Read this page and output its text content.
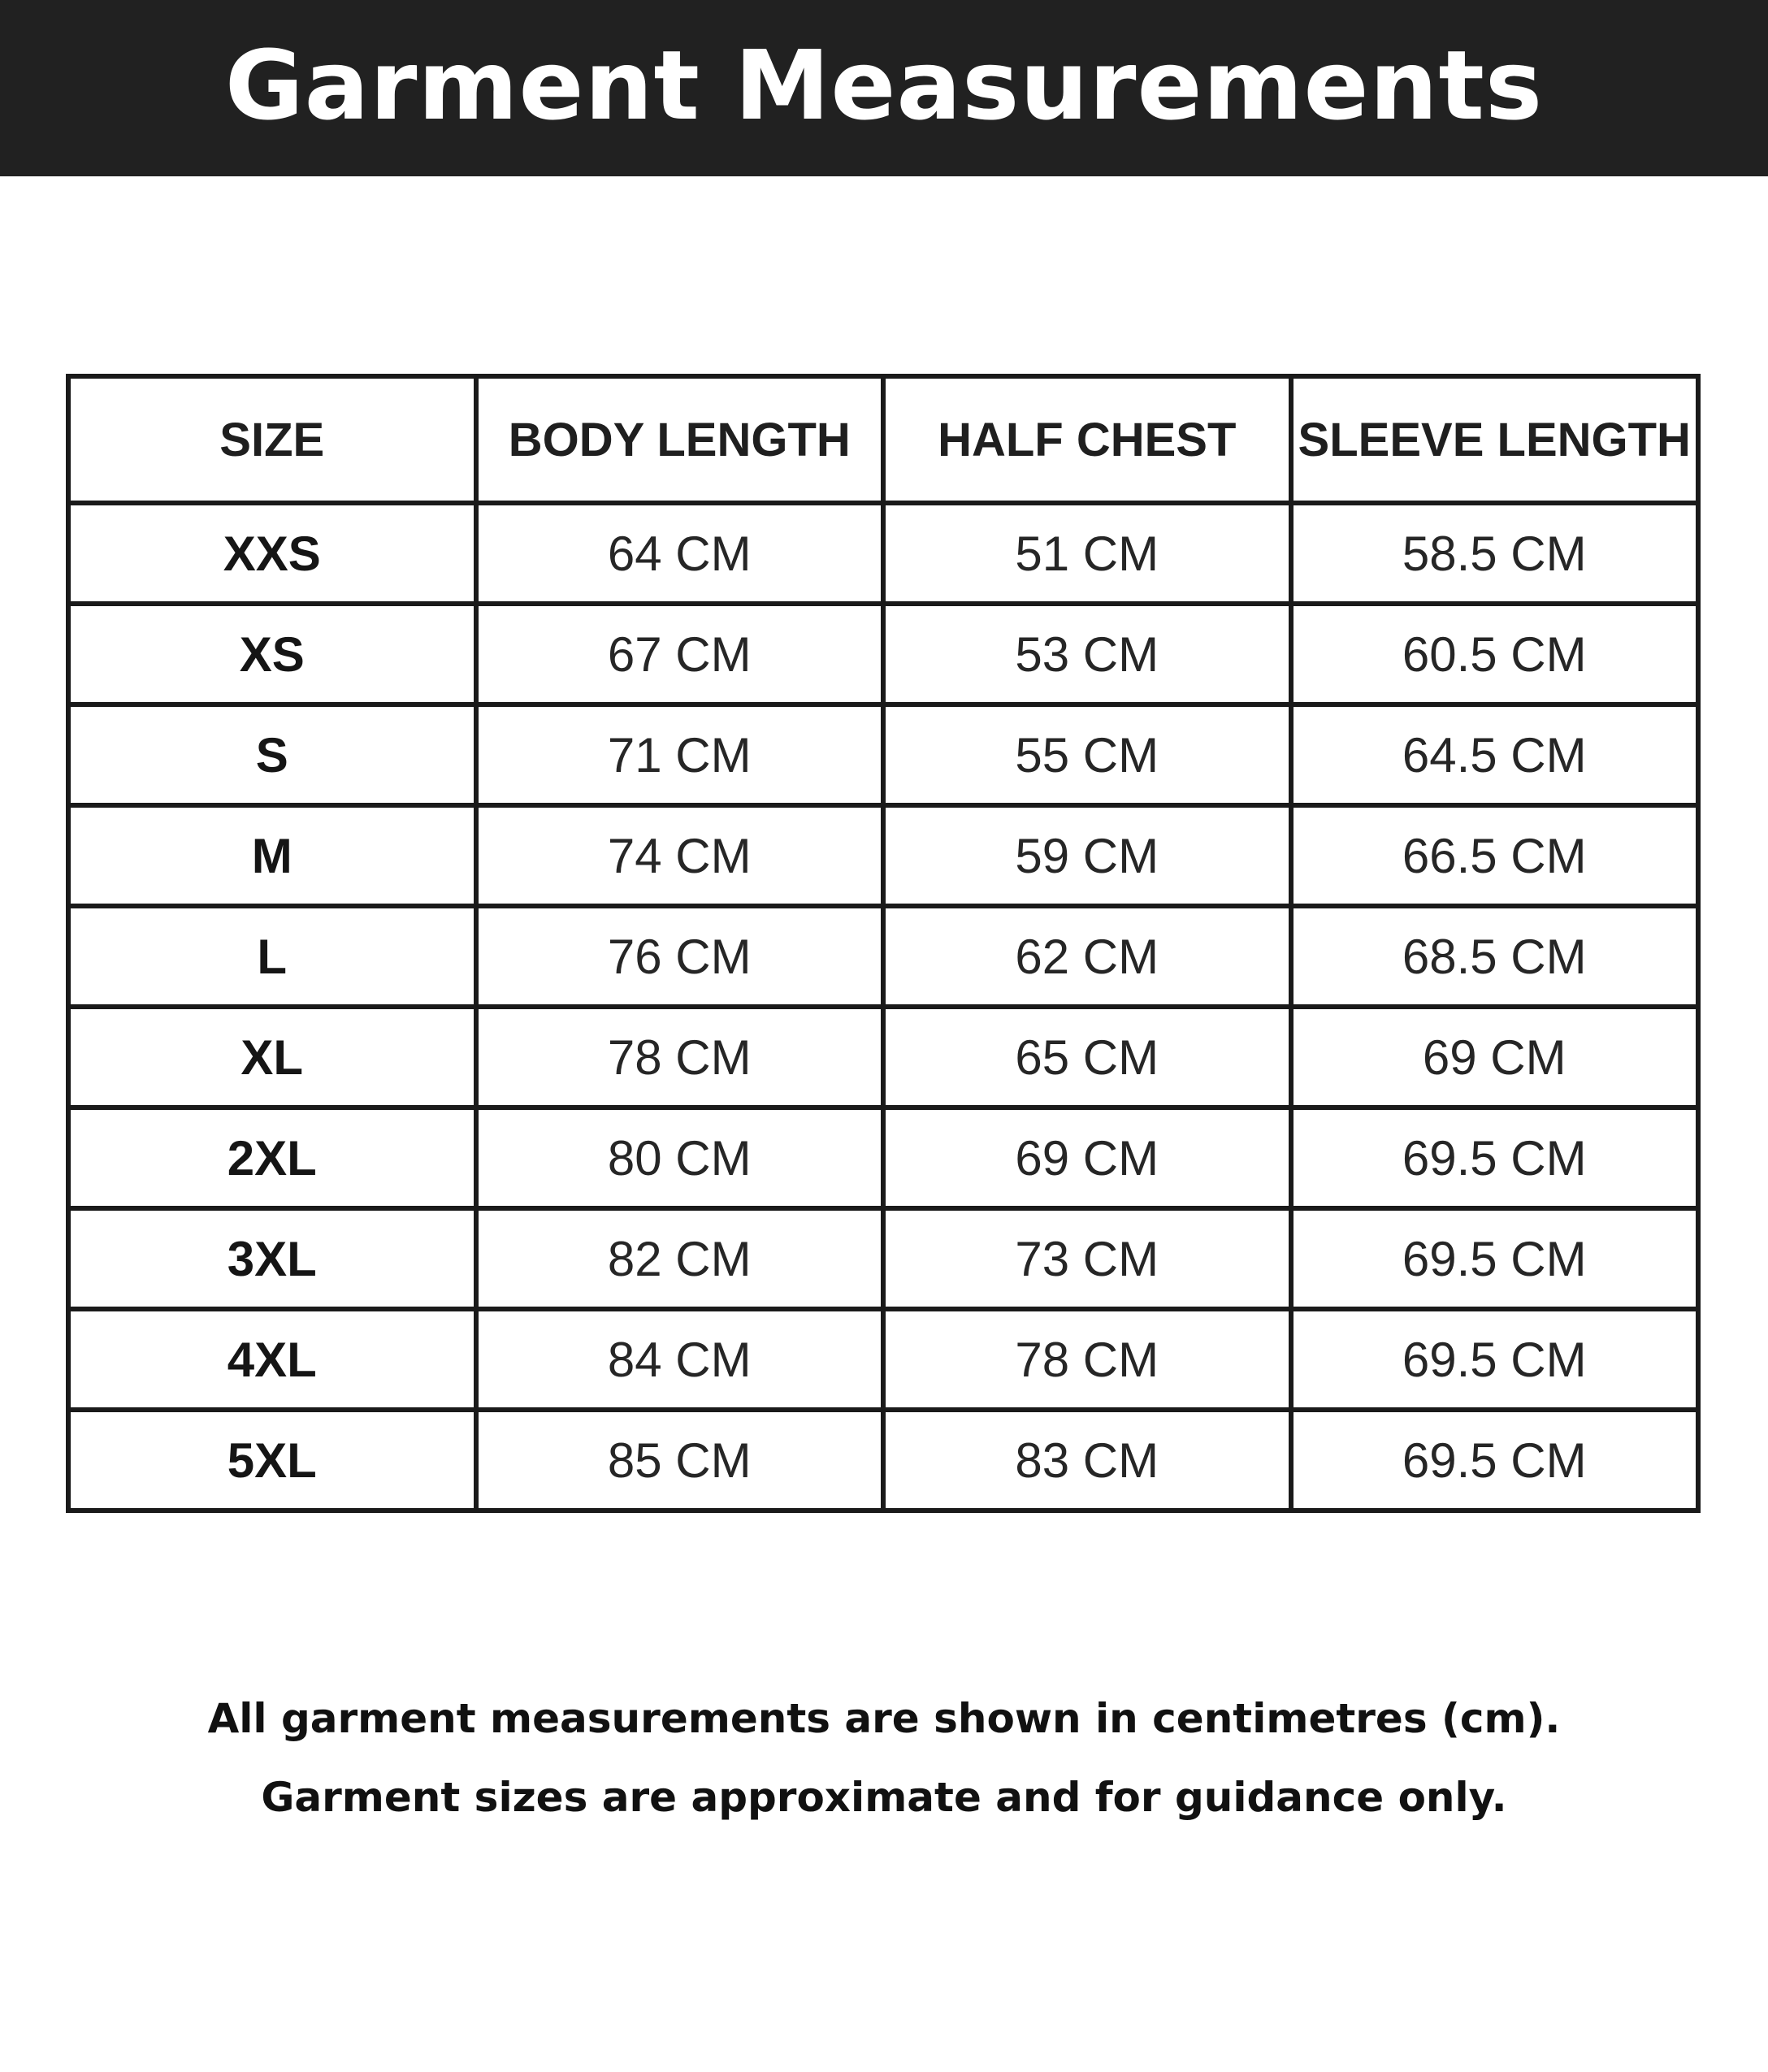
Garment Measurements
SIZE	BODY LENGTH	HALF CHEST	SLEEVE LENGTH
XXS	64 CM	51 CM	58.5 CM
XS	67 CM	53 CM	60.5 CM
S	71 CM	55 CM	64.5 CM
M	74 CM	59 CM	66.5 CM
L	76 CM	62 CM	68.5 CM
XL	78 CM	65 CM	69 CM
2XL	80 CM	69 CM	69.5 CM
3XL	82 CM	73 CM	69.5 CM
4XL	84 CM	78 CM	69.5 CM
5XL	85 CM	83 CM	69.5 CM

All garment measurements are shown in centimetres (cm).

Garment sizes are approximate and for guidance only.
